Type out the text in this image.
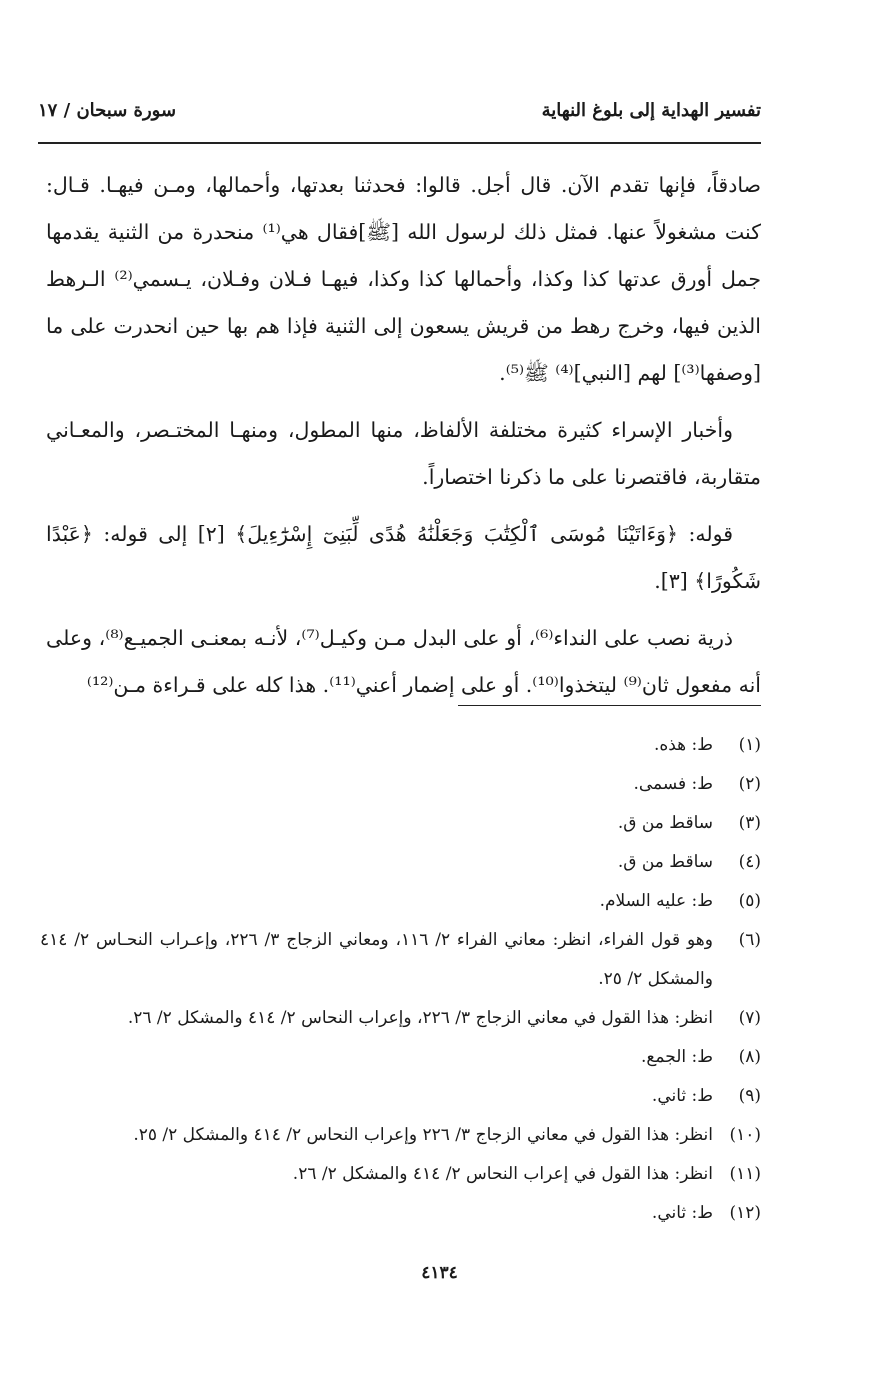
تفسير الهداية إلى بلوغ النهاية
سورة سبحان / ١٧

صادقاً، فإنها تقدم الآن. قال أجل. قالوا: فحدثنا بعدتها، وأحمالها، ومـن فيهـا. قـال: كنت مشغولاً عنها. فمثل ذلك لرسول الله [ﷺ]فقال هي⁽¹⁾ منحدرة من الثنية يقدمها جمل أورق عدتها كذا وكذا، وأحمالها كذا وكذا، فيهـا فـلان وفـلان، يـسمي⁽²⁾ الـرهط الذين فيها، وخرج رهط من قريش يسعون إلى الثنية فإذا هم بها حين انحدرت على ما [وصفها⁽³⁾] لهم [النبي]⁽⁴⁾ ﷺ⁽⁵⁾.

وأخبار الإسراء كثيرة مختلفة الألفاظ، منها المطول، ومنهـا المختـصر، والمعـاني متقاربة، فاقتصرنا على ما ذكرنا اختصاراً.

قوله: ﴿وَءَاتَيْنَا مُوسَى ٱلْكِتَٰبَ وَجَعَلْنَٰهُ هُدًى لِّبَنِىٓ إِسْرَٰٓءِيلَ﴾ [٢] إلى قوله: ﴿عَبْدًا شَكُورًا﴾ [٣].

ذرية نصب على النداء⁽⁶⁾، أو على البدل مـن وكيـل⁽⁷⁾، لأنـه بمعنـى الجميـع⁽⁸⁾، وعلى أنه مفعول ثان⁽⁹⁾ ليتخذوا⁽¹⁰⁾. أو على إضمار أعني⁽¹¹⁾. هذا كله على قـراءة مـن⁽¹²⁾

(١)
ط: هذه.
(٢)
ط: فسمى.
(٣)
ساقط من ق.
(٤)
ساقط من ق.
(٥)
ط: عليه السلام.
(٦)
وهو قول الفراء، انظر: معاني الفراء ٢/ ١١٦، ومعاني الزجاج ٣/ ٢٢٦، وإعـراب النحـاس ٢/ ٤١٤ والمشكل ٢/ ٢٥.
(٧)
انظر: هذا القول في معاني الزجاج ٣/ ٢٢٦، وإعراب النحاس ٢/ ٤١٤ والمشكل ٢/ ٢٦.
(٨)
ط: الجمع.
(٩)
ط: ثاني.
(١٠)
انظر: هذا القول في معاني الزجاج ٣/ ٢٢٦ وإعراب النحاس ٢/ ٤١٤ والمشكل ٢/ ٢٥.
(١١)
انظر: هذا القول في إعراب النحاس ٢/ ٤١٤ والمشكل ٢/ ٢٦.
(١٢)
ط: ثاني.
٤١٣٤
